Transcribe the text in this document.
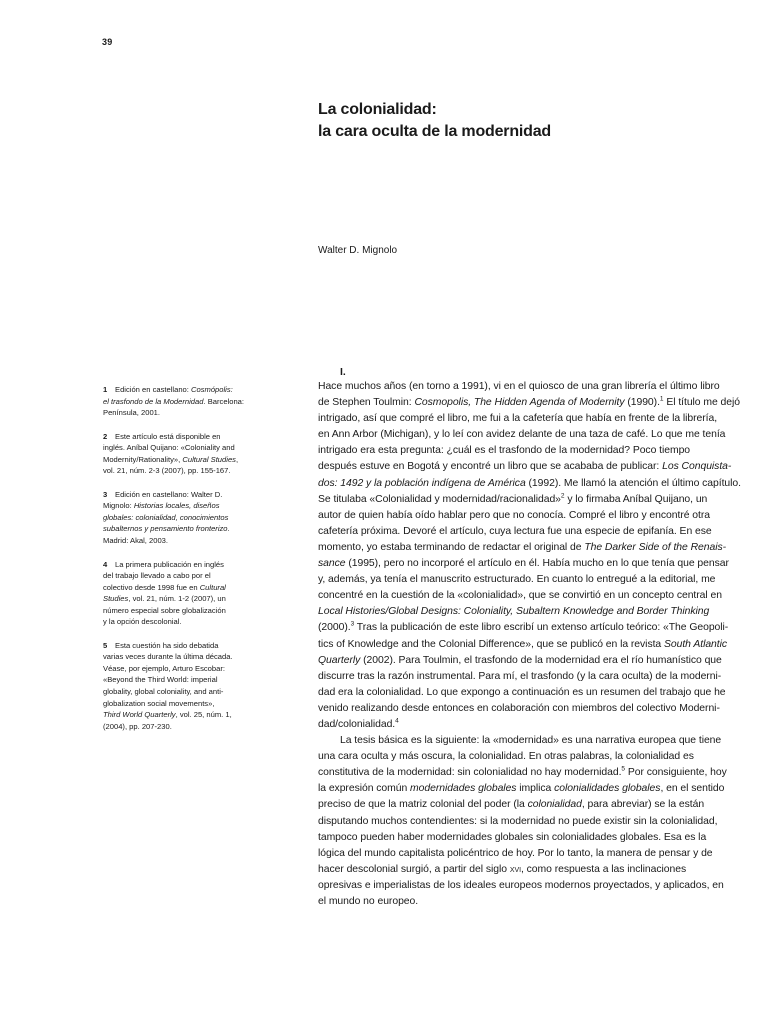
39
La colonialidad:
la cara oculta de la modernidad
Walter D. Mignolo
I.

Hace muchos años (en torno a 1991), vi en el quiosco de una gran librería el último libro
de Stephen Toulmin: Cosmopolis, The Hidden Agenda of Modernity (1990).$^1$ El título me dejó
intrigado, así que compré el libro, me fui a la cafetería que había en frente de la librería,
en Ann Arbor (Michigan), y lo leí con avidez delante de una taza de café. Lo que me tenía
intrigado era esta pregunta: ¿cuál es el trasfondo de la modernidad? Poco tiempo
después estuve en Bogotá y encontré un libro que se acababa de publicar: Los Conquista-
dos: 1492 y la población indígena de América (1992). Me llamó la atención el último capítulo.
Se titulaba «Colonialidad y modernidad/racionalidad»$^2$ y lo firmaba Aníbal Quijano, un
autor de quien había oído hablar pero que no conocía. Compré el libro y encontré otra
cafetería próxima. Devoré el artículo, cuya lectura fue una especie de epifanía. En ese
momento, yo estaba terminando de redactar el original de The Darker Side of the Renais-
sance (1995), pero no incorporé el artículo en él. Había mucho en lo que tenía que pensar
y, además, ya tenía el manuscrito estructurado. En cuanto lo entregué a la editorial, me
concentré en la cuestión de la «colonialidad», que se convirtió en un concepto central en
Local Histories/Global Designs: Coloniality, Subaltern Knowledge and Border Thinking
(2000).$^3$ Tras la publicación de este libro escribí un extenso artículo teórico: «The Geopoli-
tics of Knowledge and the Colonial Difference», que se publicó en la revista South Atlantic
Quarterly (2002). Para Toulmin, el trasfondo de la modernidad era el río humanístico que
discurre tras la razón instrumental. Para mí, el trasfondo (y la cara oculta) de la moderni-
dad era la colonialidad. Lo que expongo a continuación es un resumen del trabajo que he
venido realizando desde entonces en colaboración con miembros del colectivo Moderni-
dad/colonialidad.$^4$

La tesis básica es la siguiente: la «modernidad» es una narrativa europea que tiene
una cara oculta y más oscura, la colonialidad. En otras palabras, la colonialidad es
constitutiva de la modernidad: sin colonialidad no hay modernidad.$^5$ Por consiguiente, hoy
la expresión común modernidades globales implica colonialidades globales, en el sentido
preciso de que la matriz colonial del poder (la colonialidad, para abreviar) se la están
disputando muchos contendientes: si la modernidad no puede existir sin la colonialidad,
tampoco pueden haber modernidades globales sin colonialidades globales. Esa es la
lógica del mundo capitalista policéntrico de hoy. Por lo tanto, la manera de pensar y de
hacer descolonial surgió, a partir del siglo xvi, como respuesta a las inclinaciones
opresivas e imperialistas de los ideales europeos modernos proyectados, y aplicados, en
el mundo no europeo.

1 Edición en castellano: Cosmópolis:
el trasfondo de la Modernidad. Barcelona:
Península, 2001.
2 Este artículo está disponible en
inglés. Aníbal Quijano: «Coloniality and
Modernity/Rationality», Cultural Studies,
vol. 21, núm. 2-3 (2007), pp. 155-167.
3 Edición en castellano: Walter D.
Mignolo: Historias locales, diseños
globales: colonialidad, conocimientos
subalternos y pensamiento fronterizo.
Madrid: Akal, 2003.
4 La primera publicación en inglés
del trabajo llevado a cabo por el
colectivo desde 1998 fue en Cultural
Studies, vol. 21, núm. 1-2 (2007), un
número especial sobre globalización
y la opción descolonial.
5 Esta cuestión ha sido debatida
varias veces durante la última década.
Véase, por ejemplo, Arturo Escobar:
«Beyond the Third World: imperial
globality, global coloniality, and anti-
globalization social movements»,
Third World Quarterly, vol. 25, núm. 1,
(2004), pp. 207-230.
